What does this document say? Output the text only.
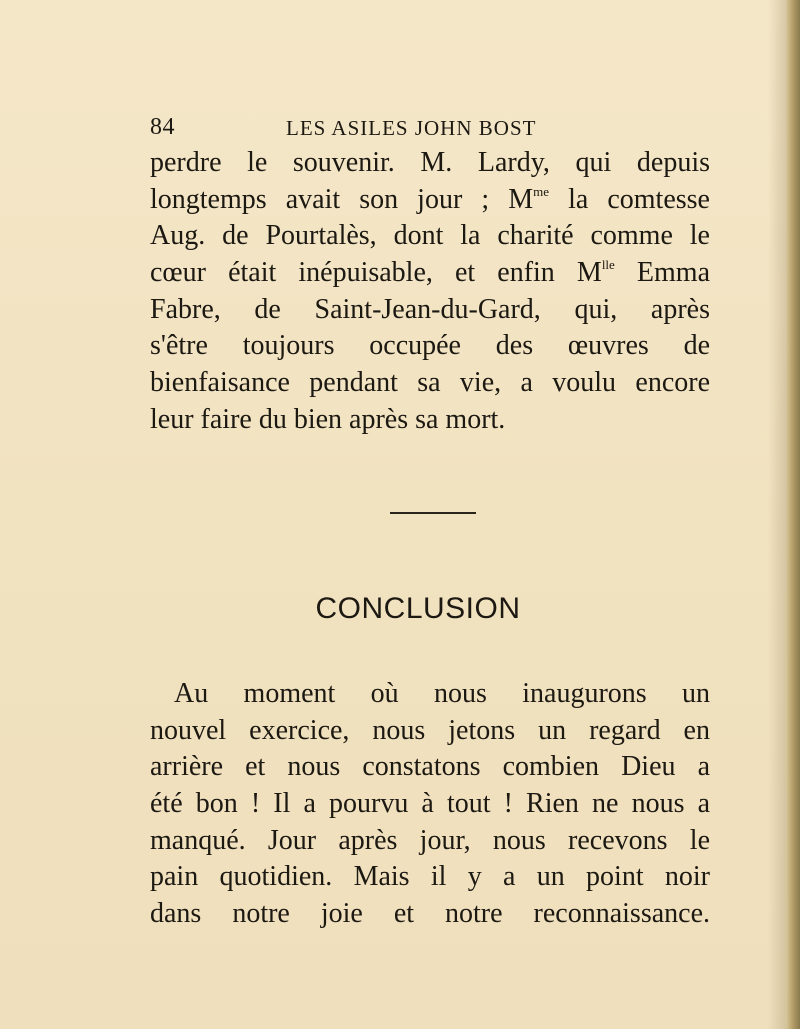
84	LES ASILES JOHN BOST
perdre le souvenir. M. Lardy, qui depuis
longtemps avait son jour ; $M^{me}$ la comtesse
Aug. de Pourtalès, dont la charité comme le
cœur était inépuisable, et enfin $M^{lle}$ Emma
Fabre, de Saint-Jean-du-Gard, qui, après
s'être toujours occupée des œuvres de
bienfaisance pendant sa vie, a voulu encore
leur faire du bien après sa mort.
CONCLUSION
Au moment où nous inaugurons un
nouvel exercice, nous jetons un regard en
arrière et nous constatons combien Dieu a
été bon ! Il a pourvu à tout ! Rien ne nous a
manqué. Jour après jour, nous recevons le
pain quotidien. Mais il y a un point noir
dans notre joie et notre reconnaissance.
